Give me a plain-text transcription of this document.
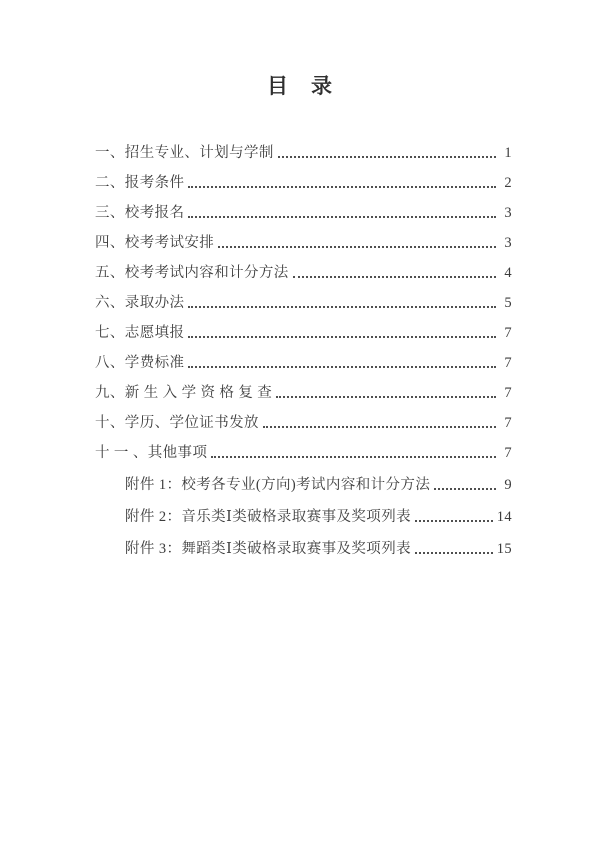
目　录
一、招生专业、计划与学制	1
二、报考条件	2
三、校考报名	3
四、校考考试安排	3
五、校考考试内容和计分方法	4
六、录取办法	5
七、志愿填报	7
八、学费标准	7
九、新 生 入 学 资 格 复 查	7
十、学历、学位证书发放	7
十 一 、其他事项	7
附件 1：校考各专业(方向)考试内容和计分方法	9
附件 2：音乐类Ⅰ类破格录取赛事及奖项列表	14
附件 3：舞蹈类Ⅰ类破格录取赛事及奖项列表	15
